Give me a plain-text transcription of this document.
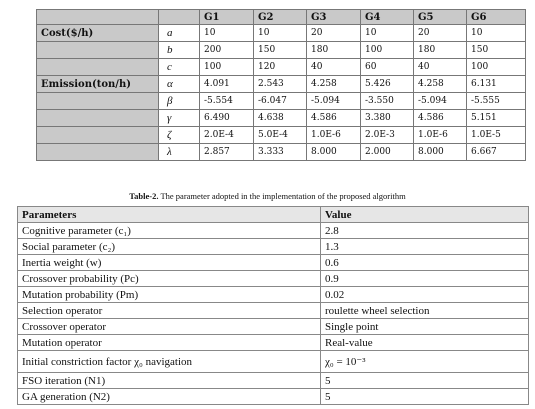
		G1	G2	G3	G4	G5	G6
Cost($/h)	a	10	10	20	10	20	10
	b	200	150	180	100	180	150
	c	100	120	40	60	40	100
Emission(ton/h)	α	4.091	2.543	4.258	5.426	4.258	6.131
	β	-5.554	-6.047	-5.094	-3.550	-5.094	-5.555
	γ	6.490	4.638	4.586	3.380	4.586	5.151
	ζ	2.0E-4	5.0E-4	1.0E-6	2.0E-3	1.0E-6	1.0E-5
	λ	2.857	3.333	8.000	2.000	8.000	6.667
Table-2. The parameter adopted in the implementation of the proposed algorithm
Parameters	Value
Cognitive parameter (c₁)	2.8
Social parameter (c₂)	1.3
Inertia weight (w)	0.6
Crossover probability (Pc)	0.9
Mutation probability (Pm)	0.02
Selection operator	roulette wheel selection
Crossover operator	Single point
Mutation operator	Real-value
Initial constriction factor χ₀ navigation	χ₀ = 10⁻³
FSO iteration (N1)	5
GA generation (N2)	5
